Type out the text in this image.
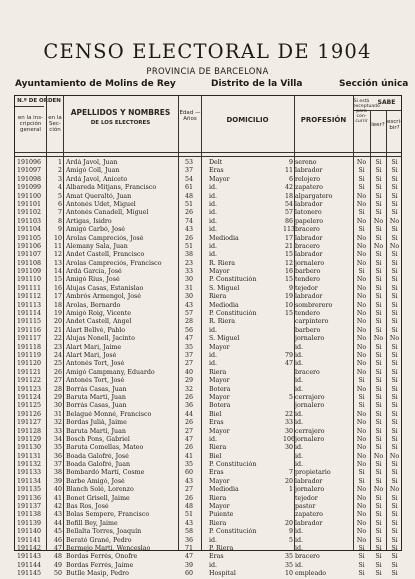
CENSO ELECTORAL DE 1904
PROVINCIA DE BARCELONA
Ayuntamiento de Molins de Rey	Distrito de la Villa	Sección única
N.º DE ORDEN
en la ins-cripción general
en la Sec-ción
APELLIDOS Y NOMBRES
DE LOS ELECTORES
Edad — Años	DOMICILIO	PROFESIÓN
Si está exceptuado para con-currir
SABE
leer? escri-bir?
191096	1 Ardá Javol, Juan	53	Delt	9 sereno	No	Si	Si
191097	2 Amigó Coll, Juan	37	Eras	11 labrador	Si	Si	Si
191098	3 Ardá Javol, Aniceto	54	Mayor	6 relojero	Si	Si	Si
191099	4 Albareda Mitjans, Francisco	61	id.	42 zapatero	Si	Si	Si
191100	5 Amat Queraltó, Juan	48	id.	18 alpargatero	No	Si	Si
191101	6 Antonés Udet, Miguel	51	id.	54 labrador	No	Si	Si
191102	7 Antonés Canadell, Miguel	26	id.	57 latonero	Si	Si	Si
191103	8 Artigas, Isidro	74	id.	86 papelero	No	No	No
191104	9 Amigó Carbó, José	43	id.	113 bracero	Si	Si	Si
191105	10 Arolas Campreciós, José	26	Mediodia	17 labrador	No	Si	Si
191106	11 Alemany Sala, Juan	51	id.	21 bracero	No	No	No
191107	12 Andet Castell, Francisco	38	id.	15 labrador	No	Si	Si
191108	13 Arolas Campreciós, Francisco	23	R. Riera	12 jornalero	No	Si	Si
191109	14 Ardá García, José	33	Mayor	16 barbero	Si	Si	Si
191110	15 Amigó Rius, José	30	P. Constitución	15 tendero	No	Si	Si
191111	16 Alujas Casas, Estanislao	31	S. Miguel	9 tejedor	No	Si	Si
191112	17 Ambrós Armengol, José	30	Riera	19 labrador	No	Si	Si
191113	18 Arolas, Bernardo	43	Mediodia	10 sombrerero	No	Si	Si
191114	19 Amigó Roig, Vicente	57	P. Constitución	15 tendero	No	Si	Si
191115	20 Andet Castell, Angel	28	R. Riera	carpintero	No	Si	Si
191116	21 Alart Bellvé, Pablo	56	id.	barbero	No	Si	Si
191117	22 Alujas Nonell, Jacinto	47	S. Miguel	jornalero	No	No	No
191118	23 Alart Mari, Jaime	35	Mayor	id.	No	Si	Si
191119	24 Alart Mari, José	37	id.	79 id.	No	Si	Si
191120	25 Antonés Tort, José	27	id.	47 id.	No	Si	Si
191121	26 Amigó Campmany, Eduardo	40	Riera	bracero	No	Si	Si
191122	27 Antonés Tort, José	29	Mayor	id.	Si	Si	Si
191123	28 Borrás Casas, Juan	32	Botera	id.	No	Si	Si
191124	29 Baruta Martí, Juan	26	Mayor	5 cerrajero	Si	Si	Si
191125	30 Borrás Casas, Juan	36	Botera	jornalero	Si	Si	Si
191126	31 Belagué Monné, Francisco	44	Biel	22 id.	No	Si	Si
191127	32 Bordas Julià, Jaime	26	Eras	33 id.	No	Si	Si
191128	33 Baruta Martí, Juan	27	Mayor	30 cerrajero	No	Si	Si
191129	34 Bosch Pons, Gabriel	47	id.	106 jornalero	No	Si	Si
191130	35 Baruta Comellas, Mateo	26	Riera	30 id.	No	Si	Si
191131	36 Boada Galofré, José	41	Biel	id.	No	No	No
191132	37 Boada Galofré, Juan	35	P. Constitución	id.	No	Si	Si
191133	38 Bombardó Martí, Cosme	60	Eras	7 propietario	Si	Si	Si
191134	39 Barbe Amigó, José	43	Mayor	20 labrador	Si	Si	Si
191135	40 Blanch Solé, Lorenzo	27	Mediodia	1 jornalero	No	No	No
191136	41 Bonet Grisell, Jaime	26	Riera	tejedor	No	Si	Si
191137	42 Bas Ros, José	48	Mayor	pastor	No	Si	Si
191138	43 Bolas Sempere, Francisco	51	Puiente	zapatero	No	Si	Si
191139	44 Bofill Bey, Jaime	43	Riera	20 labrador	No	Si	Si
191140	45 Bellalta Torres, Joaquín	58	P. Constitución	9 id.	No	Si	Si
191141	46 Berató Grané, Pedro	36	id.	5 id.	No	Si	Si
191142	47 Bermejo Martí, Wenceslao	71	P. Riera	id.	Si	Si	Si
191143	48 Bordas Ferrés, Onofre	47	Eras	35 bracero	Si	Si	Si
191144	49 Bordas Ferrés, Jaime	39	id.	35 id.	Si	Si	Si
191145	50 Butlle Masip, Pedro	60	Hospital	10 empleado	Si	Si	Si
